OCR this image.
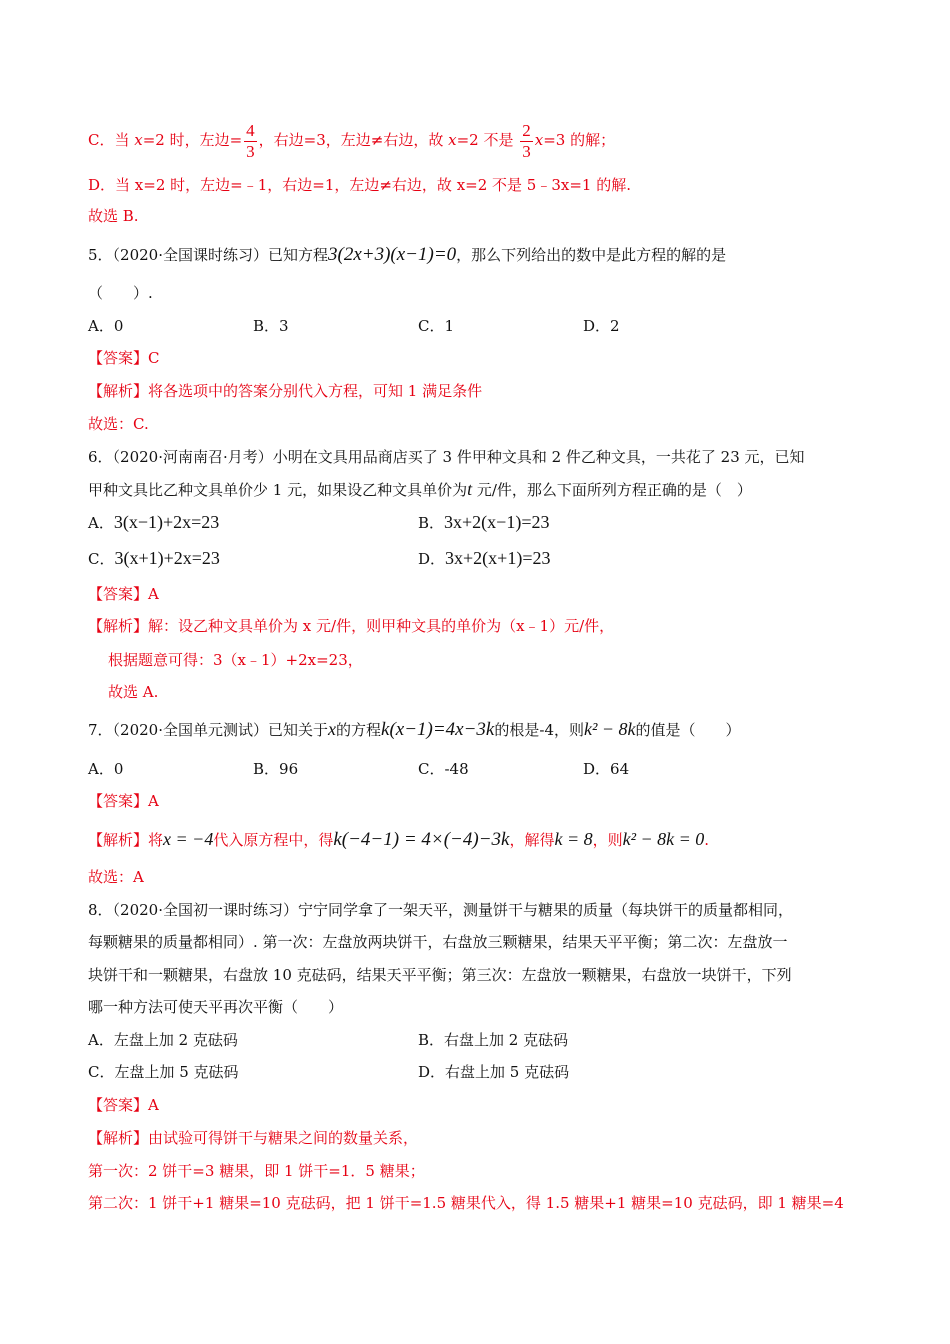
C．当 x=2 时，左边= $\frac{4}{3}$ ，右边=3，左边≠右边，故 x=2 不是 $\frac{2}{3} x=3$ 的解；
D．当 x=2 时，左边=﹣1，右边=1，左边≠右边，故 x=2 不是 5﹣3x=1 的解.
故选 B.
5．（2020·全国课时练习）已知方程3(2x+3)(x−1)=0，那么下列给出的数中是此方程的解的是
（　　）.
A．0	B．3	C．1	D．2
【答案】C
【解析】将各选项中的答案分别代入方程，可知 1 满足条件
故选：C.
6．（2020·河南南召·月考）小明在文具用品商店买了 3 件甲种文具和 2 件乙种文具，一共花了 23 元，已知
甲种文具比乙种文具单价少 1 元，如果设乙种文具单价为t 元/件，那么下面所列方程正确的是（　）
A．3(x−1)+2x=23	B．3x+2(x−1)=23
C．3(x+1)+2x=23	D．3x+2(x+1)=23
【答案】A
【解析】解：设乙种文具单价为 x 元/件，则甲种文具的单价为（x﹣1）元/件，
根据题意可得：3（x﹣1）+2x=23，
故选 A.
7．（2020·全国单元测试）已知关于x的方程k(x−1)=4x−3k的根是-4，则k² − 8k的值是（　　）
A．0	B．96	C．-48	D．64
【答案】A
【解析】将x = −4代入原方程中，得k(−4−1) = 4×(−4)−3k，解得k = 8，则k² − 8k = 0.
故选：A
8．（2020·全国初一课时练习）宁宁同学拿了一架天平，测量饼干与糖果的质量（每块饼干的质量都相同，
每颗糖果的质量都相同）. 第一次：左盘放两块饼干，右盘放三颗糖果，结果天平平衡；第二次：左盘放一
块饼干和一颗糖果，右盘放 10 克砝码，结果天平平衡；第三次：左盘放一颗糖果，右盘放一块饼干，下列
哪一种方法可使天平再次平衡（　　）
A．左盘上加 2 克砝码	B．右盘上加 2 克砝码
C．左盘上加 5 克砝码	D．右盘上加 5 克砝码
【答案】A
【解析】由试验可得饼干与糖果之间的数量关系，
第一次：2 饼干=3 糖果，即 1 饼干=1．5 糖果；
第二次：1 饼干+1 糖果=10 克砝码，把 1 饼干=1.5 糖果代入，得 1.5 糖果+1 糖果=10 克砝码，即 1 糖果=4
